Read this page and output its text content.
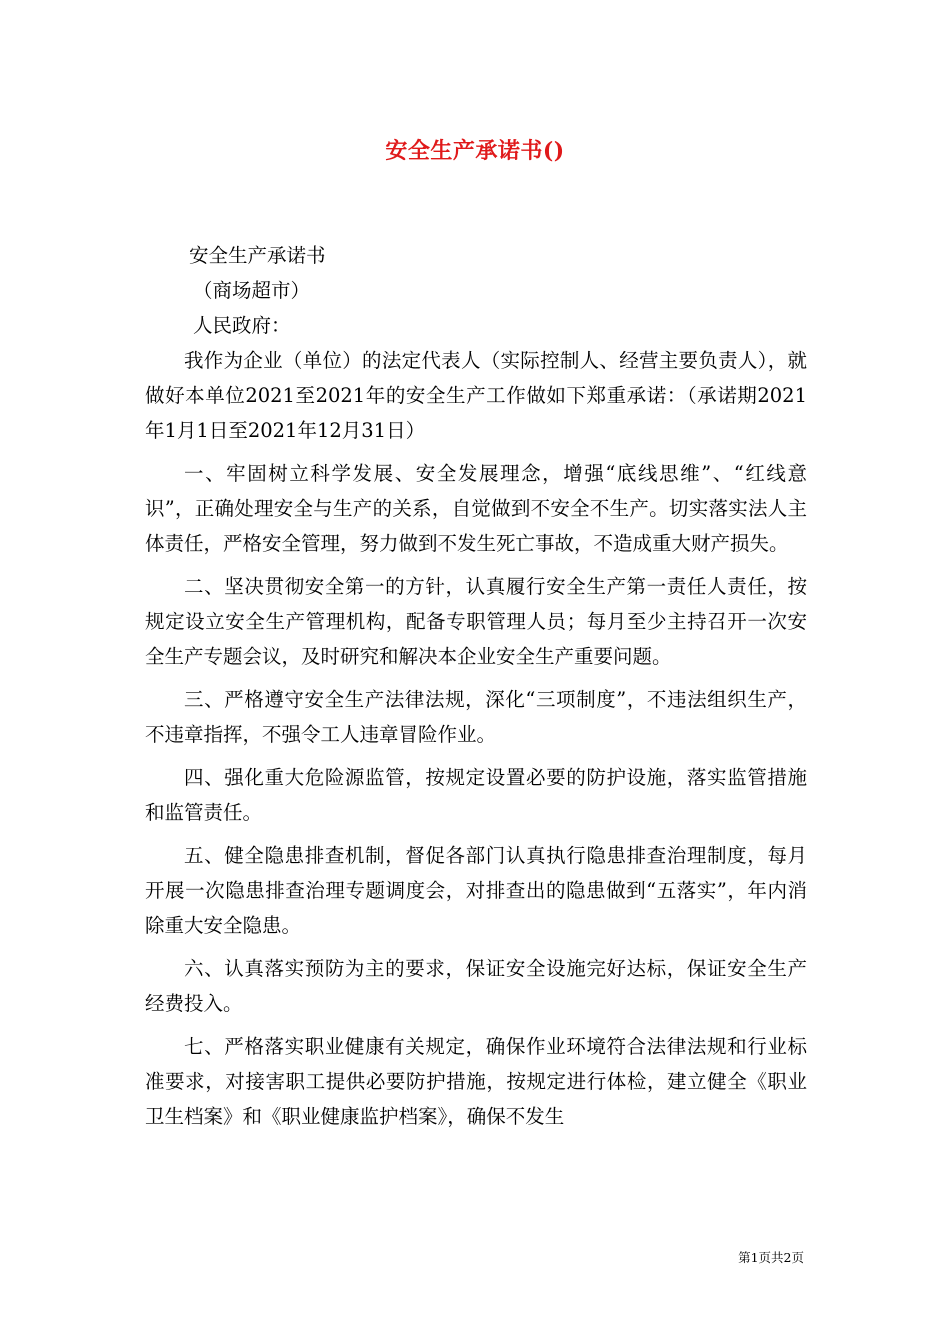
安全生产承诺书()

安全生产承诺书

（商场超市）

人民政府：

我作为企业（单位）的法定代表人（实际控制人、经营主要负责人），就做好本单位2021至2021年的安全生产工作做如下郑重承诺：（承诺期2021年1月1日至2021年12月31日）

一、牢固树立科学发展、安全发展理念，增强“底线思维”、“红线意识”，正确处理安全与生产的关系，自觉做到不安全不生产。切实落实法人主体责任，严格安全管理，努力做到不发生死亡事故，不造成重大财产损失。

二、坚决贯彻安全第一的方针，认真履行安全生产第一责任人责任，按规定设立安全生产管理机构，配备专职管理人员；每月至少主持召开一次安全生产专题会议，及时研究和解决本企业安全生产重要问题。

三、严格遵守安全生产法律法规，深化“三项制度”，不违法组织生产，不违章指挥，不强令工人违章冒险作业。

四、强化重大危险源监管，按规定设置必要的防护设施，落实监管措施和监管责任。

五、健全隐患排查机制，督促各部门认真执行隐患排查治理制度，每月开展一次隐患排查治理专题调度会，对排查出的隐患做到“五落实”，年内消除重大安全隐患。

六、认真落实预防为主的要求，保证安全设施完好达标，保证安全生产经费投入。

七、严格落实职业健康有关规定，确保作业环境符合法律法规和行业标准要求，对接害职工提供必要防护措施，按规定进行体检，建立健全《职业卫生档案》和《职业健康监护档案》，确保不发生

第1页共2页
